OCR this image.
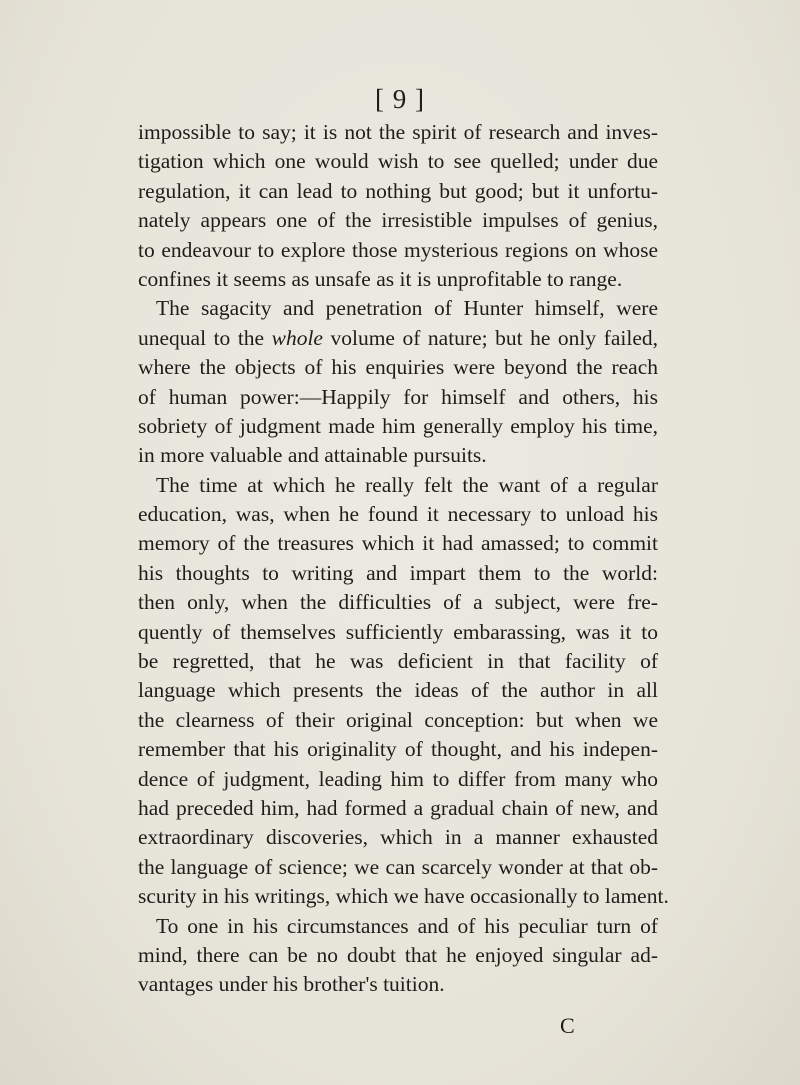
[ 9 ]
impossible to say; it is not the spirit of research and inves-
tigation which one would wish to see quelled; under due
regulation, it can lead to nothing but good; but it unfortu-
nately appears one of the irresistible impulses of genius,
to endeavour to explore those mysterious regions on whose
confines it seems as unsafe as it is unprofitable to range.
The sagacity and penetration of Hunter himself, were
unequal to the whole volume of nature; but he only failed,
where the objects of his enquiries were beyond the reach
of human power:—Happily for himself and others, his
sobriety of judgment made him generally employ his time,
in more valuable and attainable pursuits.
The time at which he really felt the want of a regular
education, was, when he found it necessary to unload his
memory of the treasures which it had amassed; to commit
his thoughts to writing and impart them to the world:
then only, when the difficulties of a subject, were fre-
quently of themselves sufficiently embarassing, was it to
be regretted, that he was deficient in that facility of
language which presents the ideas of the author in all
the clearness of their original conception: but when we
remember that his originality of thought, and his indepen-
dence of judgment, leading him to differ from many who
had preceded him, had formed a gradual chain of new, and
extraordinary discoveries, which in a manner exhausted
the language of science; we can scarcely wonder at that ob-
scurity in his writings, which we have occasionally to lament.
To one in his circumstances and of his peculiar turn of
mind, there can be no doubt that he enjoyed singular ad-
vantages under his brother's tuition.
C
